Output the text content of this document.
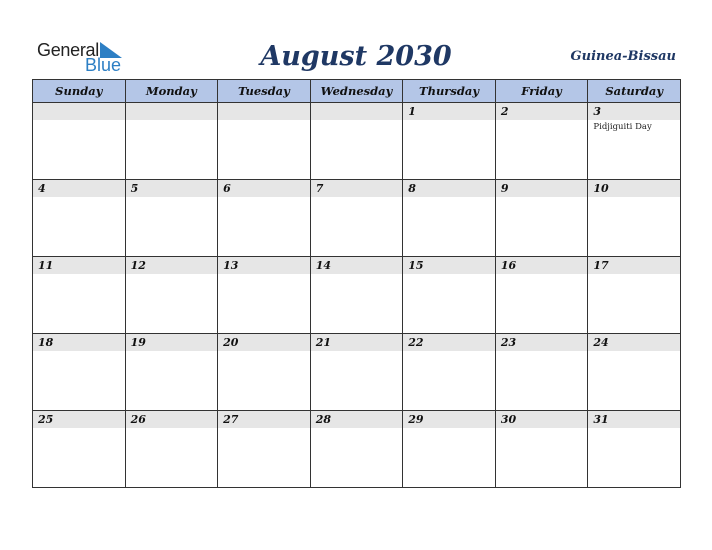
General
Blue	August 2030	Guinea-Bissau
Sunday	Monday	Tuesday	Wednesday	Thursday	Friday	Saturday

				1	2	3
Pidjiguiti Day

4	5	6	7	8	9	10

11	12	13	14	15	16	17

18	19	20	21	22	23	24

25	26	27	28	29	30	31
